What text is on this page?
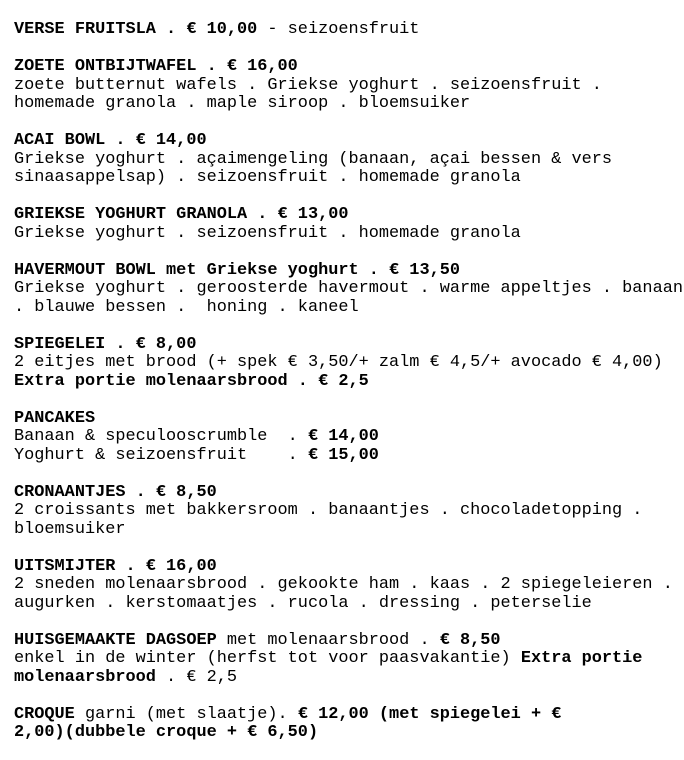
VERSE FRUITSLA . € 10,00 - seizoensfruit
ZOETE ONTBIJTWAFEL . € 16,00
zoete butternut wafels . Griekse yoghurt . seizoensfruit .
homemade granola . maple siroop . bloemsuiker
ACAI BOWL . € 14,00
Griekse yoghurt . açaimengeling (banaan, açai bessen & vers
sinaasappelsap) . seizoensfruit . homemade granola
GRIEKSE YOGHURT GRANOLA . € 13,00
Griekse yoghurt . seizoensfruit . homemade granola
HAVERMOUT BOWL met Griekse yoghurt . € 13,50
Griekse yoghurt . geroosterde havermout . warme appeltjes . banaan
. blauwe bessen .  honing . kaneel
SPIEGELEI . € 8,00
2 eitjes met brood (+ spek € 3,50/+ zalm € 4,5/+ avocado € 4,00)
Extra portie molenaarsbrood . € 2,5
PANCAKES
Banaan & speculooscrumble  . € 14,00
Yoghurt & seizoensfruit    . € 15,00
CRONAANTJES . € 8,50
2 croissants met bakkersroom . banaantjes . chocoladetopping .
bloemsuiker
UITSMIJTER . € 16,00
2 sneden molenaarsbrood . gekookte ham . kaas . 2 spiegeleieren .
augurken . kerstomaatjes . rucola . dressing . peterselie
HUISGEMAAKTE DAGSOEP met molenaarsbrood . € 8,50
enkel in de winter (herfst tot voor paasvakantie) Extra portie
molenaarsbrood . € 2,5
CROQUE garni (met slaatje). € 12,00 (met spiegelei + €
2,00)(dubbele croque + € 6,50)
